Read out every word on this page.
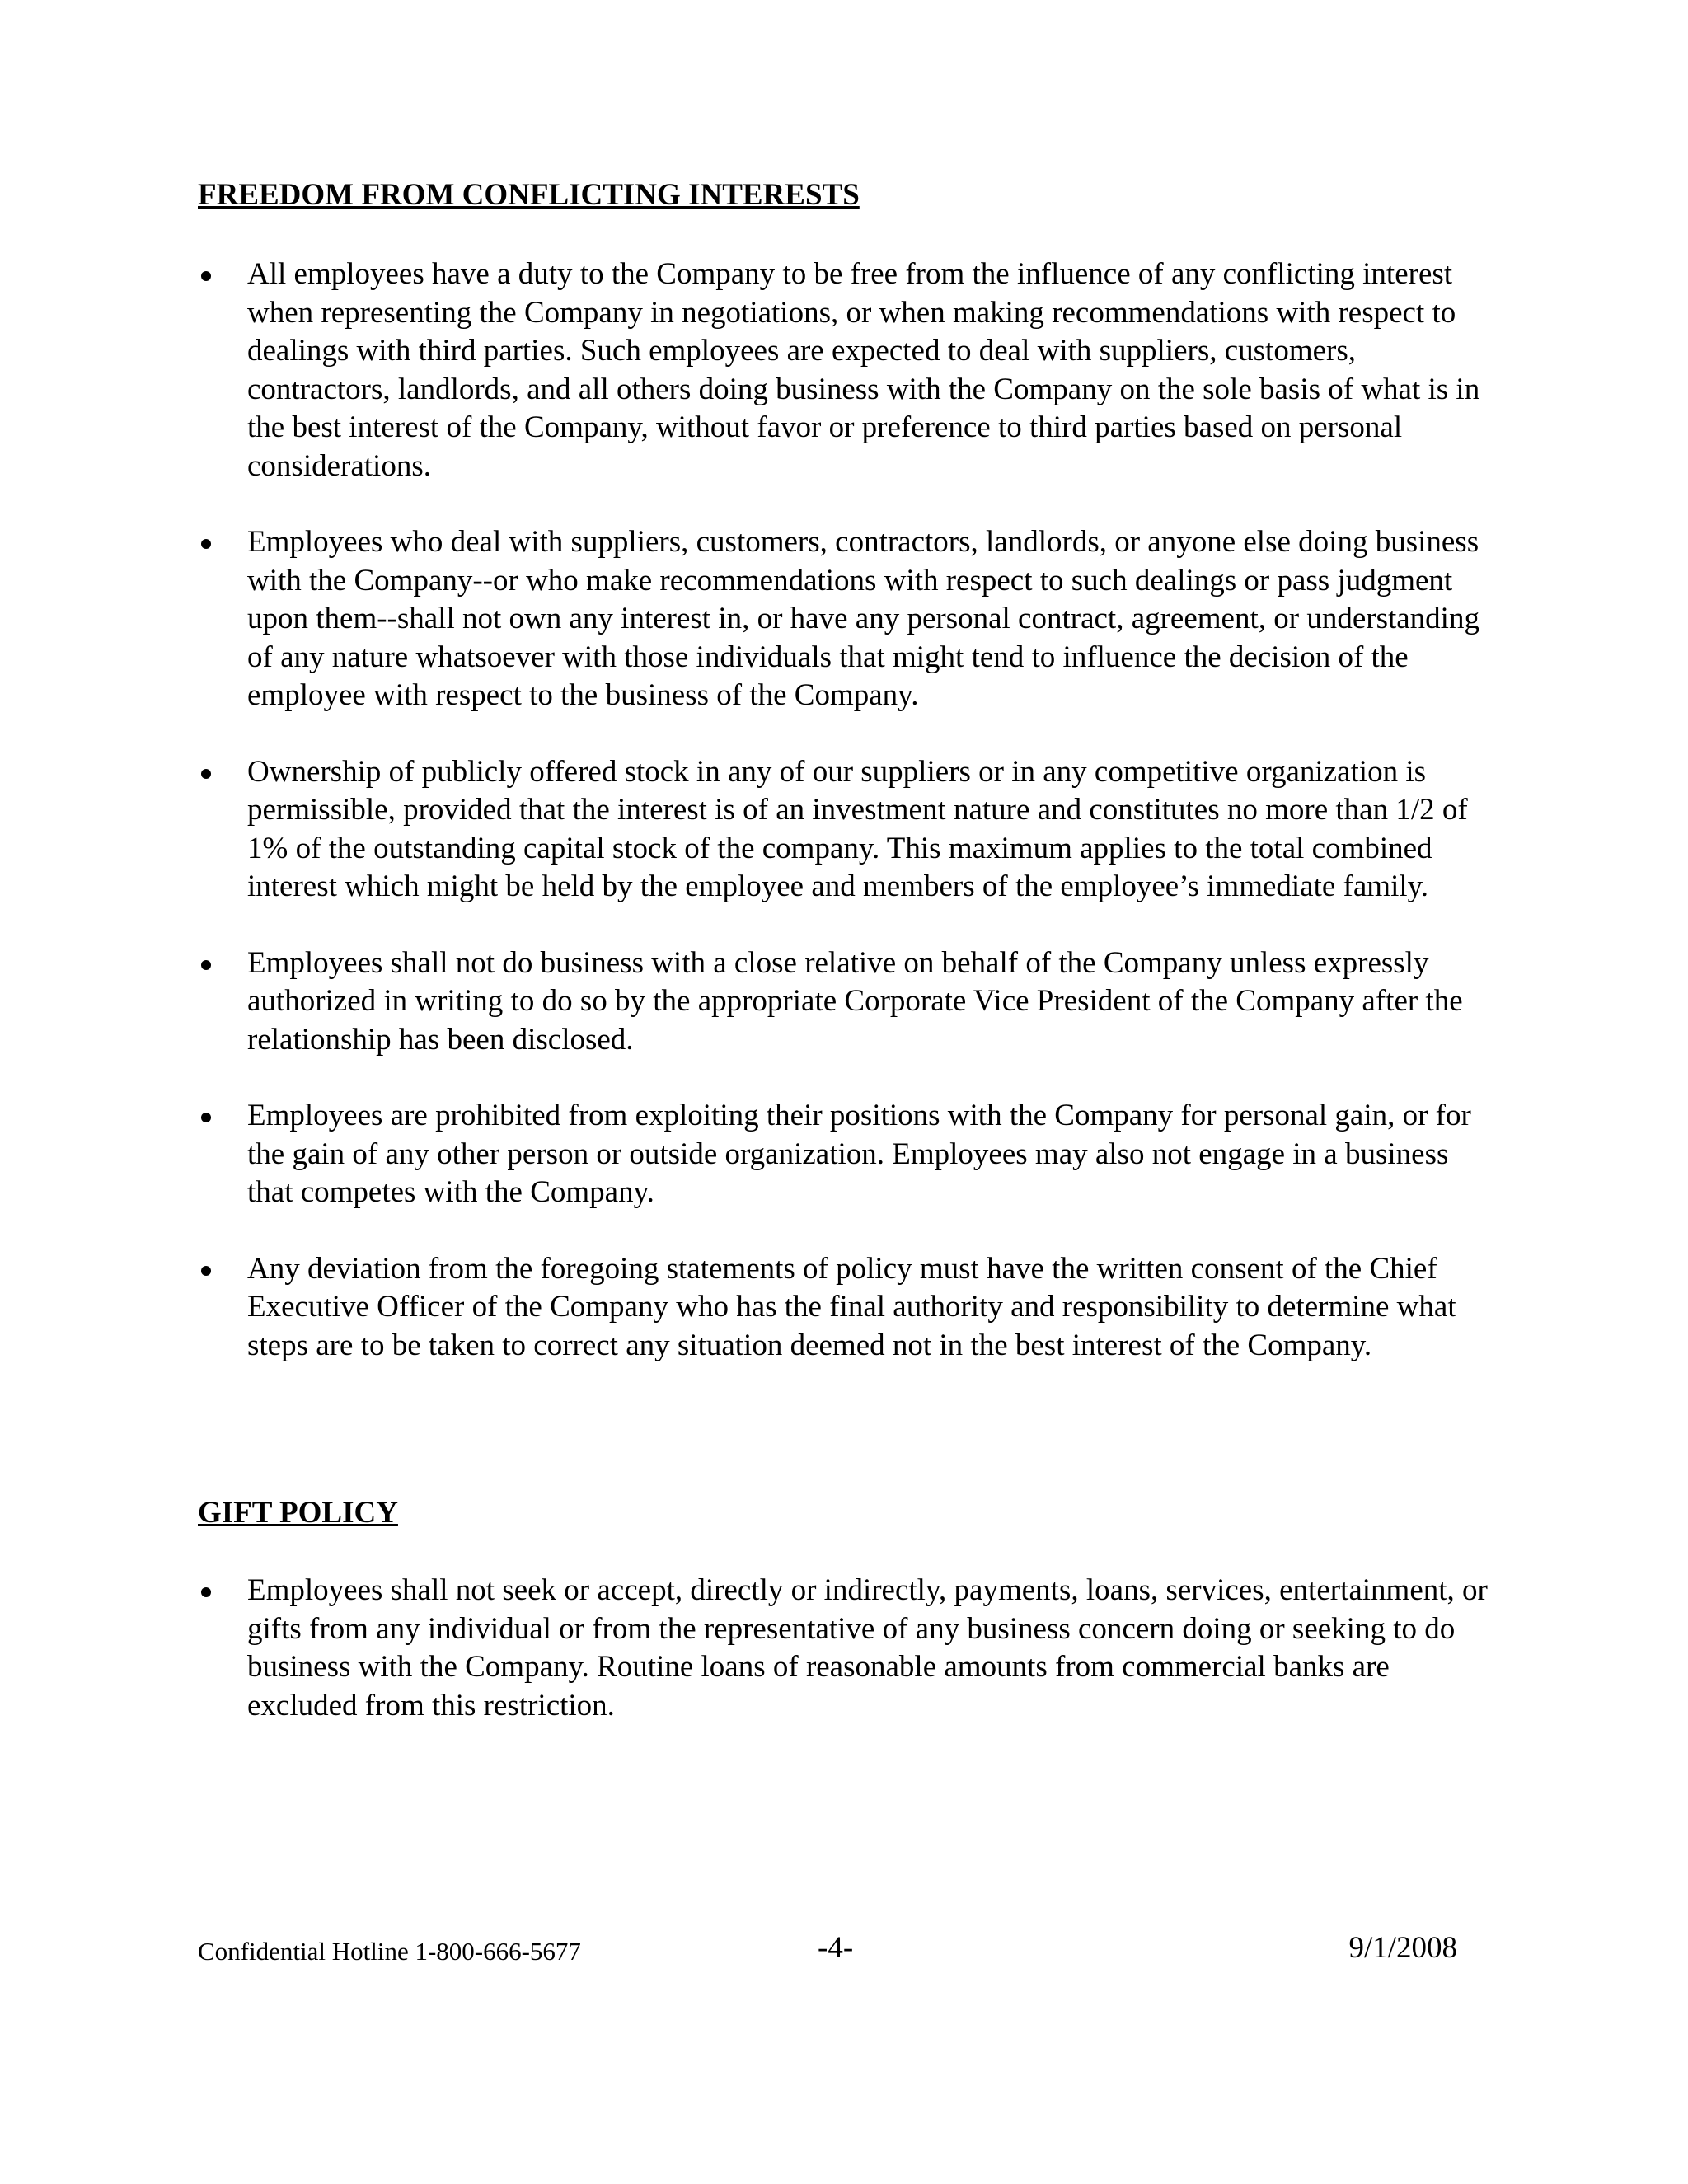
FREEDOM FROM CONFLICTING INTERESTS
All employees have a duty to the Company to be free from the influence of any conflicting interest when representing the Company in negotiations, or when making recommendations with respect to dealings with third parties. Such employees are expected to deal with suppliers, customers, contractors, landlords, and all others doing business with the Company on the sole basis of what is in the best interest of the Company, without favor or preference to third parties based on personal considerations.
Employees who deal with suppliers, customers, contractors, landlords, or anyone else doing business with the Company--or who make recommendations with respect to such dealings or pass judgment upon them--shall not own any interest in, or have any personal contract, agreement, or understanding of any nature whatsoever with those individuals that might tend to influence the decision of the employee with respect to the business of the Company.
Ownership of publicly offered stock in any of our suppliers or in any competitive organization is permissible, provided that the interest is of an investment nature and constitutes no more than 1/2 of 1% of the outstanding capital stock of the company. This maximum applies to the total combined interest which might be held by the employee and members of the employee’s immediate family.
Employees shall not do business with a close relative on behalf of the Company unless expressly authorized in writing to do so by the appropriate Corporate Vice President of the Company after the relationship has been disclosed.
Employees are prohibited from exploiting their positions with the Company for personal gain, or for the gain of any other person or outside organization. Employees may also not engage in a business that competes with the Company.
Any deviation from the foregoing statements of policy must have the written consent of the Chief Executive Officer of the Company who has the final authority and responsibility to determine what steps are to be taken to correct any situation deemed not in the best interest of the Company.
GIFT POLICY
Employees shall not seek or accept, directly or indirectly, payments, loans, services, entertainment, or gifts from any individual or from the representative of any business concern doing or seeking to do business with the Company. Routine loans of reasonable amounts from commercial banks are excluded from this restriction.
Confidential Hotline 1-800-666-5677	-4-	9/1/2008
